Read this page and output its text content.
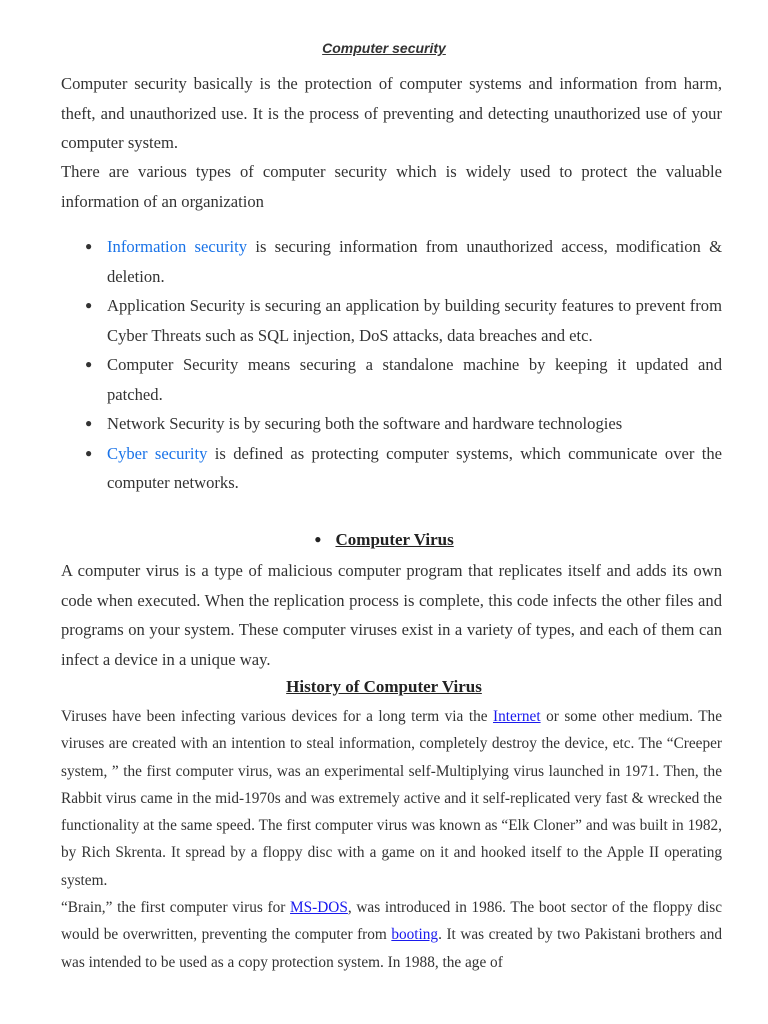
Computer security

Computer security basically is the protection of computer systems and information from harm, theft, and unauthorized use. It is the process of preventing and detecting unauthorized use of your computer system.

There are various types of computer security which is widely used to protect the valuable information of an organization

● Information security is securing information from unauthorized access, modification & deletion.
● Application Security is securing an application by building security features to prevent from Cyber Threats such as SQL injection, DoS attacks, data breaches and etc.
● Computer Security means securing a standalone machine by keeping it updated and patched.
● Network Security is by securing both the software and hardware technologies
● Cyber security is defined as protecting computer systems, which communicate over the computer networks.
● Computer Virus

A computer virus is a type of malicious computer program that replicates itself and adds its own code when executed. When the replication process is complete, this code infects the other files and programs on your system. These computer viruses exist in a variety of types, and each of them can infect a device in a unique way.

History of Computer Virus

Viruses have been infecting various devices for a long term via the Internet or some other medium. The viruses are created with an intention to steal information, completely destroy the device, etc. The “Creeper system, ” the first computer virus, was an experimental self-Multiplying virus launched in 1971. Then, the Rabbit virus came in the mid-1970s and was extremely active and it self-replicated very fast & wrecked the functionality at the same speed. The first computer virus was known as “Elk Cloner” and was built in 1982, by Rich Skrenta. It spread by a floppy disc with a game on it and hooked itself to the Apple II operating system.

“Brain,” the first computer virus for MS-DOS, was introduced in 1986. The boot sector of the floppy disc would be overwritten, preventing the computer from booting. It was created by two Pakistani brothers and was intended to be used as a copy protection system. In 1988, the age of
